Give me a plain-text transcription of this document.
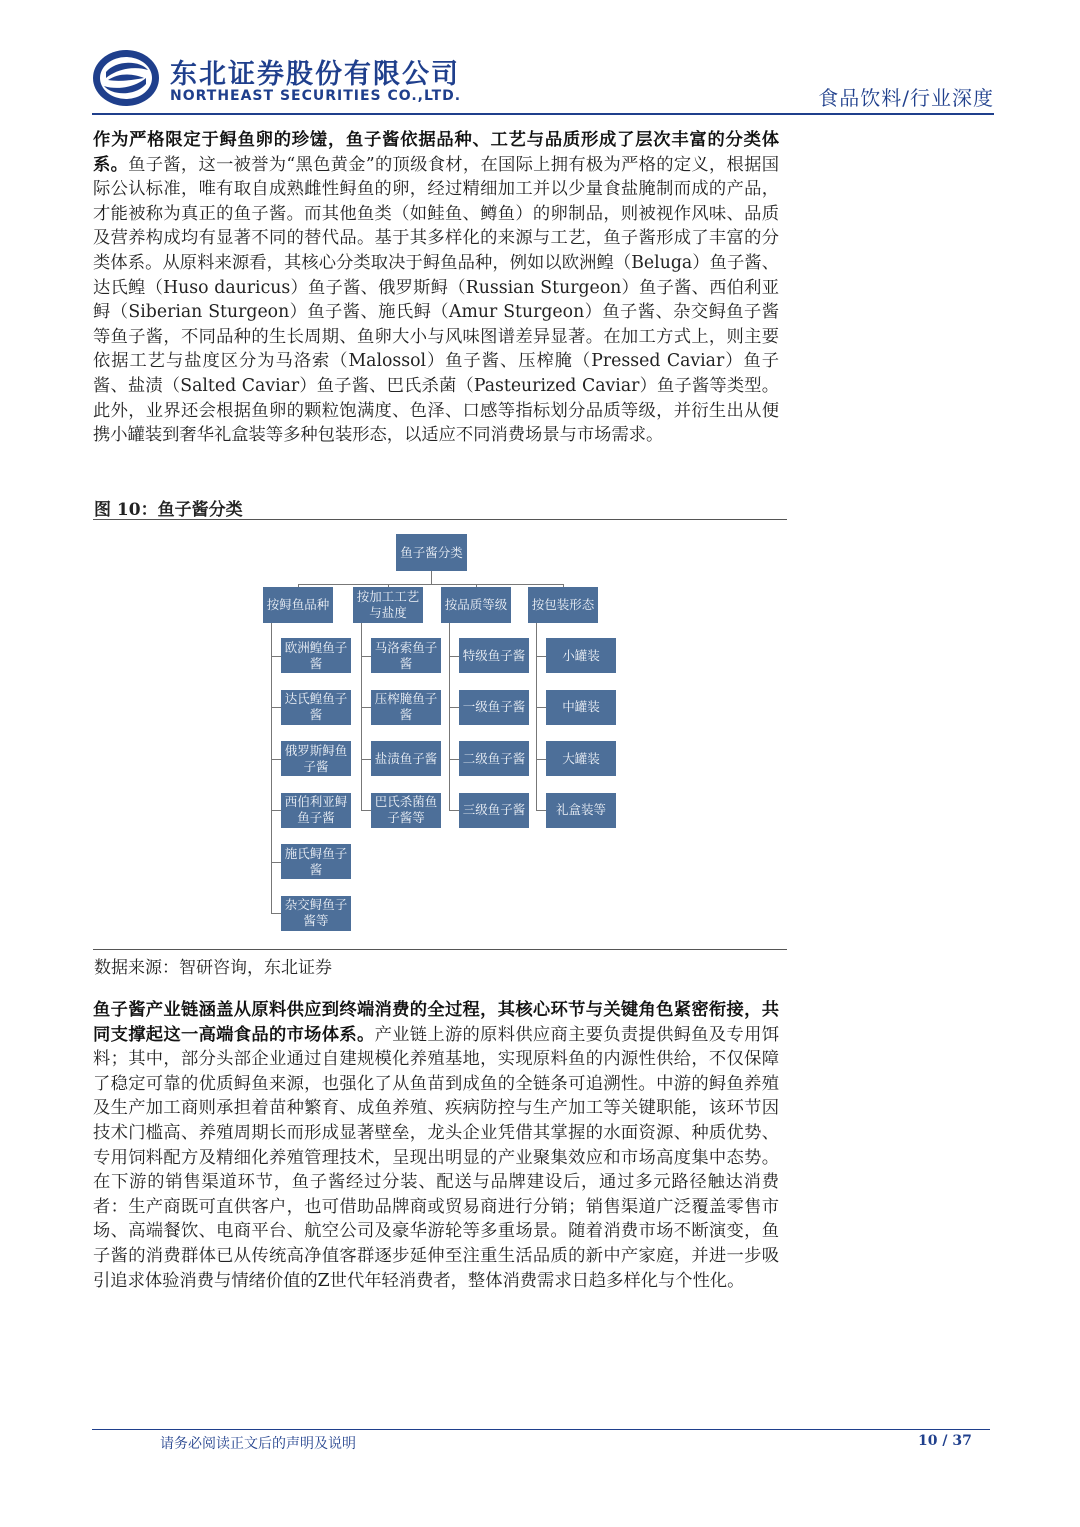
东北证券股份有限公司

NORTHEAST SECURITIES CO.,LTD.	食品饮料/行业深度

作为严格限定于鲟鱼卵的珍馐，鱼子酱依据品种、工艺与品质形成了层次丰富的分类体系。鱼子酱，这一被誉为“黑色黄金”的顶级食材，在国际上拥有极为严格的定义，根据国际公认标准，唯有取自成熟雌性鲟鱼的卵，经过精细加工并以少量食盐腌制而成的产品，才能被称为真正的鱼子酱。而其他鱼类（如鲑鱼、鳟鱼）的卵制品，则被视作风味、品质及营养构成均有显著不同的替代品。基于其多样化的来源与工艺，鱼子酱形成了丰富的分类体系。从原料来源看，其核心分类取决于鲟鱼品种，例如以欧洲鳇（Beluga）鱼子酱、达氏鳇（Huso dauricus）鱼子酱、俄罗斯鲟（Russian Sturgeon）鱼子酱、西伯利亚鲟（Siberian Sturgeon）鱼子酱、施氏鲟（Amur Sturgeon）鱼子酱、杂交鲟鱼子酱等鱼子酱，不同品种的生长周期、鱼卵大小与风味图谱差异显著。在加工方式上，则主要依据工艺与盐度区分为马洛索（Malossol）鱼子酱、压榨腌（Pressed Caviar）鱼子酱、盐渍（Salted Caviar）鱼子酱、巴氏杀菌（Pasteurized Caviar）鱼子酱等类型。此外，业界还会根据鱼卵的颗粒饱满度、色泽、口感等指标划分品质等级，并衍生出从便携小罐装到奢华礼盒装等多种包装形态，以适应不同消费场景与市场需求。

图 10：鱼子酱分类

鱼子酱分类
按鲟鱼品种
欧洲鳇鱼子酱
达氏鳇鱼子酱
俄罗斯鲟鱼子酱
西伯利亚鲟鱼子酱
施氏鲟鱼子酱
杂交鲟鱼子酱等
按加工工艺与盐度
马洛索鱼子酱
压榨腌鱼子酱
盐渍鱼子酱
巴氏杀菌鱼子酱等
按品质等级
特级鱼子酱
一级鱼子酱
二级鱼子酱
三级鱼子酱
按包装形态
小罐装
中罐装
大罐装
礼盒装等

数据来源：智研咨询，东北证券

鱼子酱产业链涵盖从原料供应到终端消费的全过程，其核心环节与关键角色紧密衔接，共同支撑起这一高端食品的市场体系。产业链上游的原料供应商主要负责提供鲟鱼及专用饵料；其中，部分头部企业通过自建规模化养殖基地，实现原料鱼的内源性供给，不仅保障了稳定可靠的优质鲟鱼来源，也强化了从鱼苗到成鱼的全链条可追溯性。中游的鲟鱼养殖及生产加工商则承担着苗种繁育、成鱼养殖、疾病防控与生产加工等关键职能，该环节因技术门槛高、养殖周期长而形成显著壁垒，龙头企业凭借其掌握的水面资源、种质优势、专用饲料配方及精细化养殖管理技术，呈现出明显的产业聚集效应和市场高度集中态势。在下游的销售渠道环节，鱼子酱经过分装、配送与品牌建设后，通过多元路径触达消费者：生产商既可直供客户，也可借助品牌商或贸易商进行分销；销售渠道广泛覆盖零售市场、高端餐饮、电商平台、航空公司及豪华游轮等多重场景。随着消费市场不断演变，鱼子酱的消费群体已从传统高净值客群逐步延伸至注重生活品质的新中产家庭，并进一步吸引追求体验消费与情绪价值的Z世代年轻消费者，整体消费需求日趋多样化与个性化。

请务必阅读正文后的声明及说明	10 / 37
